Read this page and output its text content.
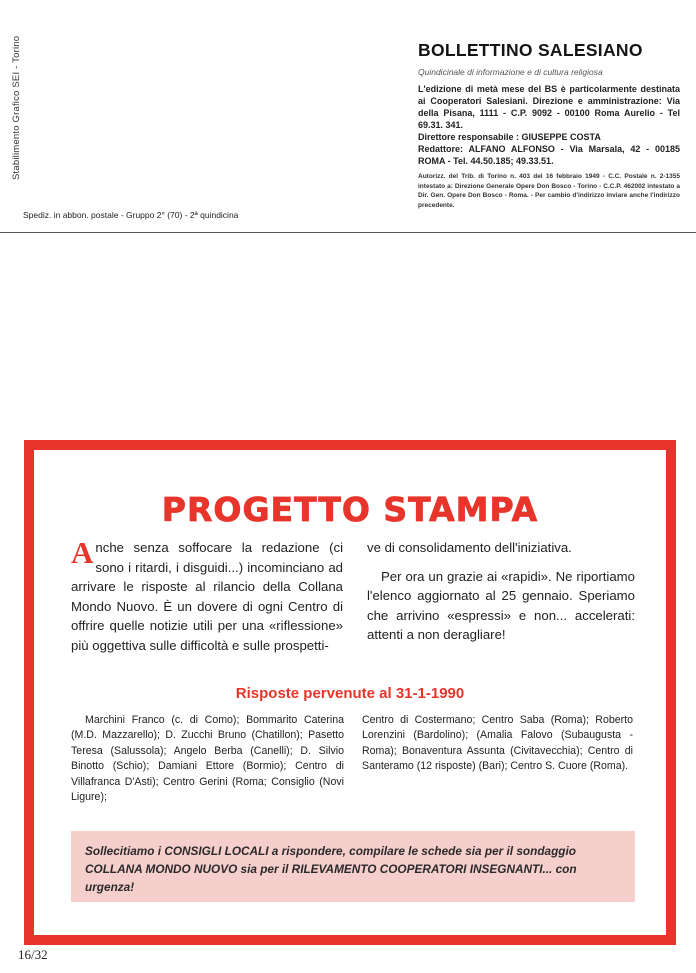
Stabilimento Grafico SEI - Torino
Spediz. in abbon. postale - Gruppo 2° (70) - 2ª quindicina
BOLLETTINO SALESIANO
Quindicinale di informazione e di cultura religiosa
L'edizione di metà mese del BS è particolarmente destinata ai Cooperatori Salesiani. Direzione e amministrazione: Via della Pisana, 1111 - C.P. 9092 - 00100 Roma Aurelio - Tel 69.31. 341.
Direttore responsabile : GIUSEPPE COSTA
Redattore: ALFANO ALFONSO - Via Marsala, 42 - 00185 ROMA - Tel. 44.50.185; 49.33.51.
Autorizz. del Trib. di Torino n. 403 del 16 febbraio 1949 - C.C. Postale n. 2-1355 intestato a: Direzione Generale Opere Don Bosco - Torino - C.C.P. 462002 intestato a Dir. Gen. Opere Don Bosco - Roma. - Per cambio d'indirizzo inviare anche l'indirizzo precedente.
PROGETTO STAMPA

A nche senza soffocare la redazione (ci sono i ritardi, i disguidi...) incominciano ad arrivare le risposte al rilancio della Collana Mondo Nuovo. È un dovere di ogni Centro di offrire quelle notizie utili per una «riflessione» più oggettiva sulle difficoltà e sulle prospetti-

ve di consolidamento dell'iniziativa.

Per ora un grazie ai «rapidi». Ne riportiamo l'elenco aggiornato al 25 gennaio. Speriamo che arrivino «espressi» e non... accelerati: attenti a non deragliare!

Risposte pervenute al 31-1-1990

Marchini Franco (c. di Como); Bommarito Caterina (M.D. Mazzarello); D. Zucchi Bruno (Chatillon); Pasetto Teresa (Salussola); Angelo Berba (Canelli); D. Silvio Binotto (Schio); Damiani Ettore (Bormio); Centro di Villafranca D'Asti); Centro Gerini (Roma; Consiglio (Novi Ligure);

Centro di Costermano; Centro Saba (Roma); Roberto Lorenzini (Bardolino); (Amalia Falovo (Subaugusta - Roma); Bonaventura Assunta (Civitavecchia); Centro di Santeramo (12 risposte) (Bari); Centro S. Cuore (Roma).

Sollecitiamo i CONSIGLI LOCALI a rispondere, compilare le schede sia per il sondaggio COLLANA MONDO NUOVO sia per il RILEVAMENTO COOPERATORI INSEGNANTI... con urgenza!
16/32
